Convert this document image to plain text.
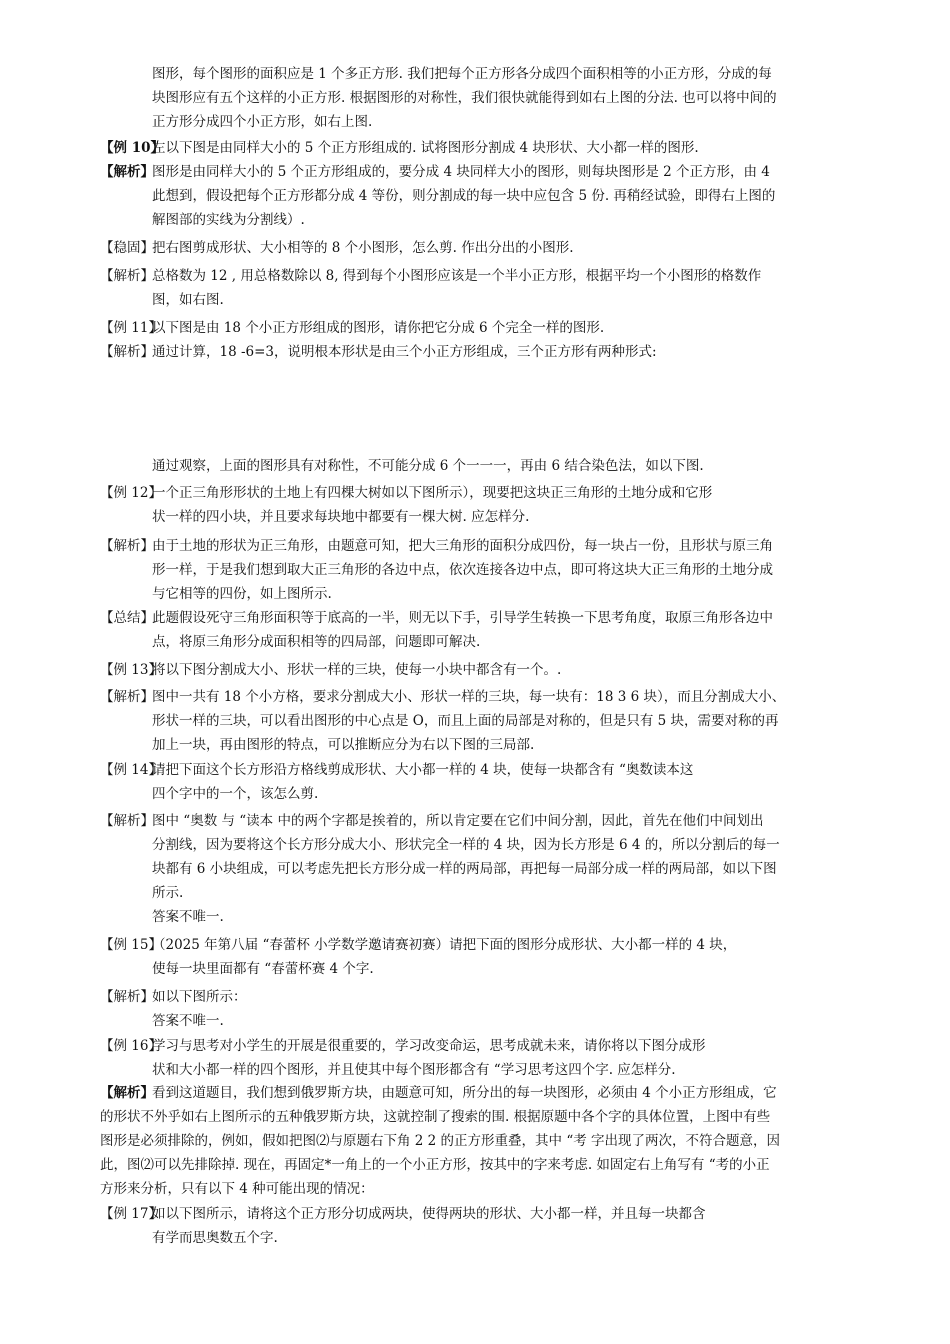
图形，每个图形的面积应是 1 个多正方形. 我们把每个正方形各分成四个面积相等的小正方形，分成的每
块图形应有五个这样的小正方形. 根据图形的对称性，我们很快就能得到如右上图的分法. 也可以将中间的
正方形分成四个小正方形，如右上图.
【例 10】
左以下图是由同样大小的 5 个正方形组成的. 试将图形分割成 4 块形状、大小都一样的图形.
【解析】
图形是由同样大小的 5 个正方形组成的，要分成 4 块同样大小的图形，则每块图形是 2 个正方形，由 4
此想到，假设把每个正方形都分成 4 等份，则分割成的每一块中应包含 5 份. 再稍经试验，即得右上图的
解图部的实线为分割线）.
【稳固】
把右图剪成形状、大小相等的 8 个小图形，怎么剪. 作出分出的小图形.
【解析】
总格数为 12 , 用总格数除以 8, 得到每个小图形应该是一个半小正方形，根据平均一个小图形的格数作
图，如右图.
【例 11】
以下图是由 18 个小正方形组成的图形，请你把它分成 6 个完全一样的图形.
【解析】
通过计算，18 -6=3，说明根本形状是由三个小正方形组成，三个正方形有两种形式:
通过观察，上面的图形具有对称性，不可能分成 6 个一一一，再由 6 结合染色法，如以下图.
【例 12】
一个正三角形形状的土地上有四棵大树如以下图所示），现要把这块正三角形的土地分成和它形
状一样的四小块，并且要求每块地中都要有一棵大树. 应怎样分.
【解析】
由于土地的形状为正三角形，由题意可知，把大三角形的面积分成四份，每一块占一份，且形状与原三角
形一样，于是我们想到取大正三角形的各边中点，依次连接各边中点，即可将这块大正三角形的土地分成
与它相等的四份，如上图所示.
【总结】
此题假设死守三角形面积等于底高的一半，则无以下手，引导学生转换一下思考角度，取原三角形各边中
点，将原三角形分成面积相等的四局部，问题即可解决.
【例 13】
将以下图分割成大小、形状一样的三块，使每一小块中都含有一个。.
【解析】
图中一共有 18 个小方格，要求分割成大小、形状一样的三块，每一块有：18 3 6 块），而且分割成大小、
形状一样的三块，可以看出图形的中心点是 O，而且上面的局部是对称的，但是只有 5 块，需要对称的再
加上一块，再由图形的特点，可以推断应分为右以下图的三局部.
【例 14】
请把下面这个长方形沿方格线剪成形状、大小都一样的 4 块，使每一块都含有 “奥数读本这
四个字中的一个，该怎么剪.
【解析】
图中 “奥数 与 “读本 中的两个字都是挨着的，所以肯定要在它们中间分割，因此，首先在他们中间划出
分割线，因为要将这个长方形分成大小、形状完全一样的 4 块，因为长方形是 6 4 的，所以分割后的每一
块都有 6 小块组成，可以考虑先把长方形分成一样的两局部，再把每一局部分成一样的两局部，如以下图
所示.
答案不唯一.
【例 15】
（2025 年第八届 “春蕾杯 小学数学邀请赛初赛）请把下面的图形分成形状、大小都一样的 4 块，
使每一块里面都有 “春蕾杯赛 4 个字.
【解析】
如以下图所示：
答案不唯一.
【例 16】
学习与思考对小学生的开展是很重要的，学习改变命运，思考成就未来，请你将以下图分成形
状和大小都一样的四个图形，并且使其中每个图形都含有 “学习思考这四个字. 应怎样分.
【解析】
看到这道题目，我们想到俄罗斯方块，由题意可知，所分出的每一块图形，必须由 4 个小正方形组成，它
的形状不外乎如右上图所示的五种俄罗斯方块，这就控制了搜索的围. 根据原题中各个字的具体位置，上图中有些
图形是必须排除的，例如，假如把图⑵与原题右下角 2 2 的正方形重叠，其中 “考 字出现了两次，不符合题意，因
此，图⑵可以先排除掉. 现在，再固定*一角上的一个小正方形，按其中的字来考虑. 如固定右上角写有 “考的小正
方形来分析，只有以下 4 种可能出现的情况：
【例 17】
如以下图所示，请将这个正方形分切成两块，使得两块的形状、大小都一样，并且每一块都含
有学而思奥数五个字.
